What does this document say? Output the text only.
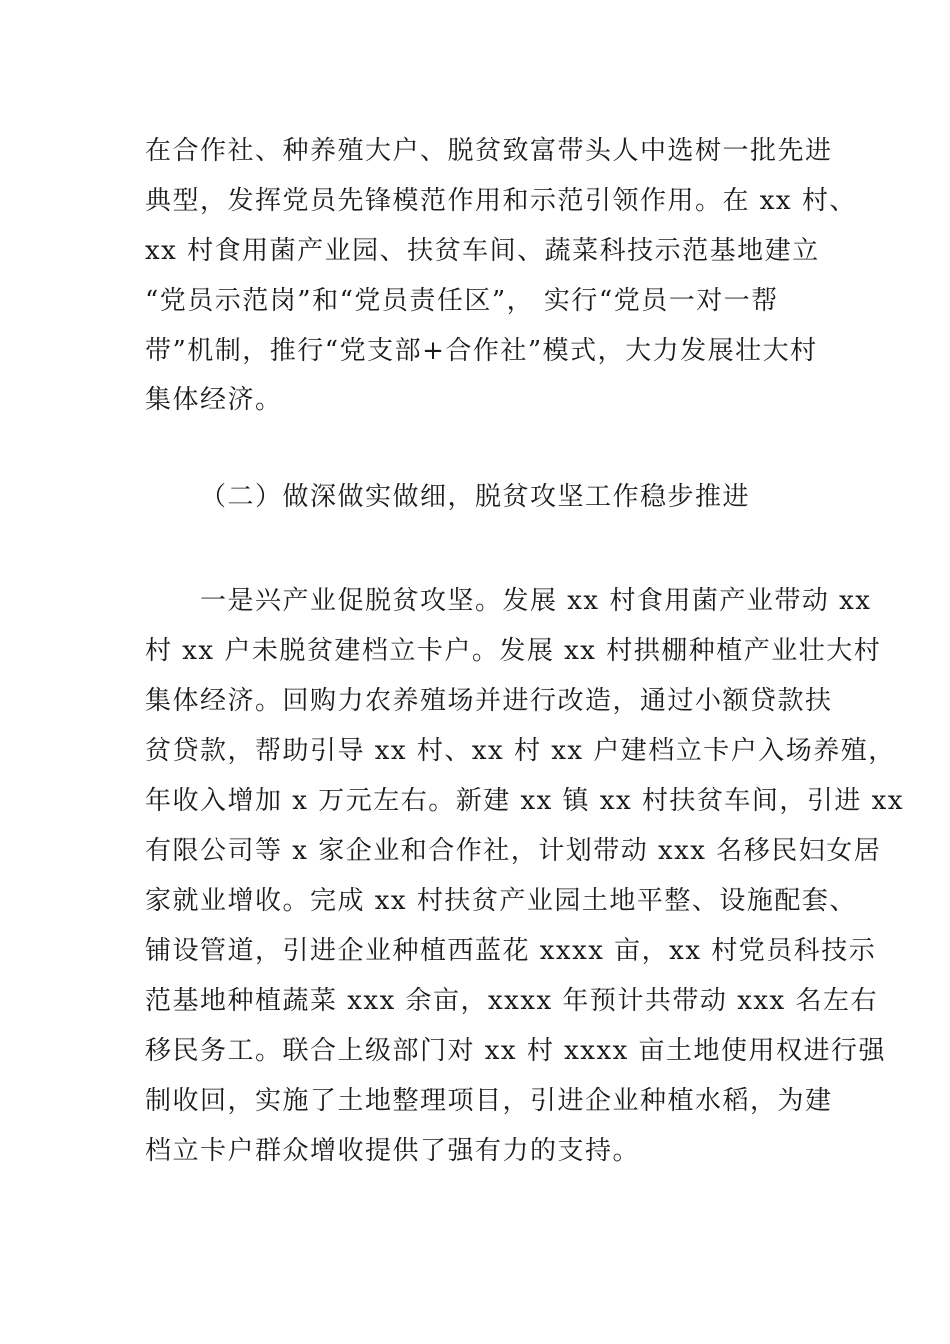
在合作社、种养殖大户、脱贫致富带头人中选树一批先进
典型，发挥党员先锋模范作用和示范引领作用。在 xx 村、
xx 村食用菌产业园、扶贫车间、蔬菜科技示范基地建立
“党员示范岗”和“党员责任区”， 实行“党员一对一帮
带”机制，推行“党支部+合作社”模式，大力发展壮大村
集体经济。
（二）做深做实做细，脱贫攻坚工作稳步推进
一是兴产业促脱贫攻坚。发展 xx 村食用菌产业带动 xx
村 xx 户未脱贫建档立卡户。发展 xx 村拱棚种植产业壮大村
集体经济。回购力农养殖场并进行改造，通过小额贷款扶
贫贷款，帮助引导 xx 村、xx 村 xx 户建档立卡户入场养殖，
年收入增加 x 万元左右。新建 xx 镇 xx 村扶贫车间，引进 xx
有限公司等 x 家企业和合作社，计划带动 xxx 名移民妇女居
家就业增收。完成 xx 村扶贫产业园土地平整、设施配套、
铺设管道，引进企业种植西蓝花 xxxx 亩，xx 村党员科技示
范基地种植蔬菜 xxx 余亩，xxxx 年预计共带动 xxx 名左右
移民务工。联合上级部门对 xx 村 xxxx 亩土地使用权进行强
制收回，实施了土地整理项目，引进企业种植水稻，为建
档立卡户群众增收提供了强有力的支持。
